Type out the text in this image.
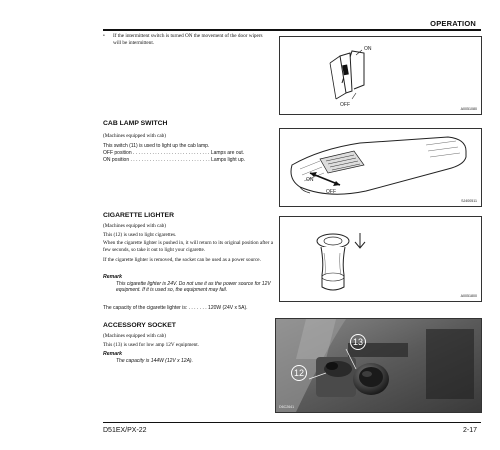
OPERATION
•	If the intermittent switch is turned ON the movement of the door wipers will be intermittent.
ON
OFF
A0051080
CAB LAMP SWITCH
(Machines equipped with cab)
This switch (11) is used to light up the cab lamp.
OFF position . . . . . . . . . . . . . . . . . . . . . . . . . . . . Lamps are out.
ON position . . . . . . . . . . . . . . . . . . . . . . . . . . . . . Lamps light up.
ON
OFF
SJ400511
CIGARETTE LIGHTER
(Machines equipped with cab)
This (12) is used to light cigarettes.
When the cigarette lighter is pushed in, it will return to its original position after a few seconds, so take it out to light your cigarette.
If the cigarette lighter is removed, the socket can be used as a power source.
Remark
This cigarette lighter is 24V. Do not use it as the power source for 12V equipment. If it is used so, the equipment may fail.
The capacity of the cigarette lighter is: . . . . . . . 120W (24V x 5A).
A0051800
ACCESSORY SOCKET
(Machines equipped with cab)
This (13) is used for low amp 12V equipment.
Remark
The capacity is 144W (12V x 12A).
13
12
D6C2641
D51EX/PX-22	2-17
